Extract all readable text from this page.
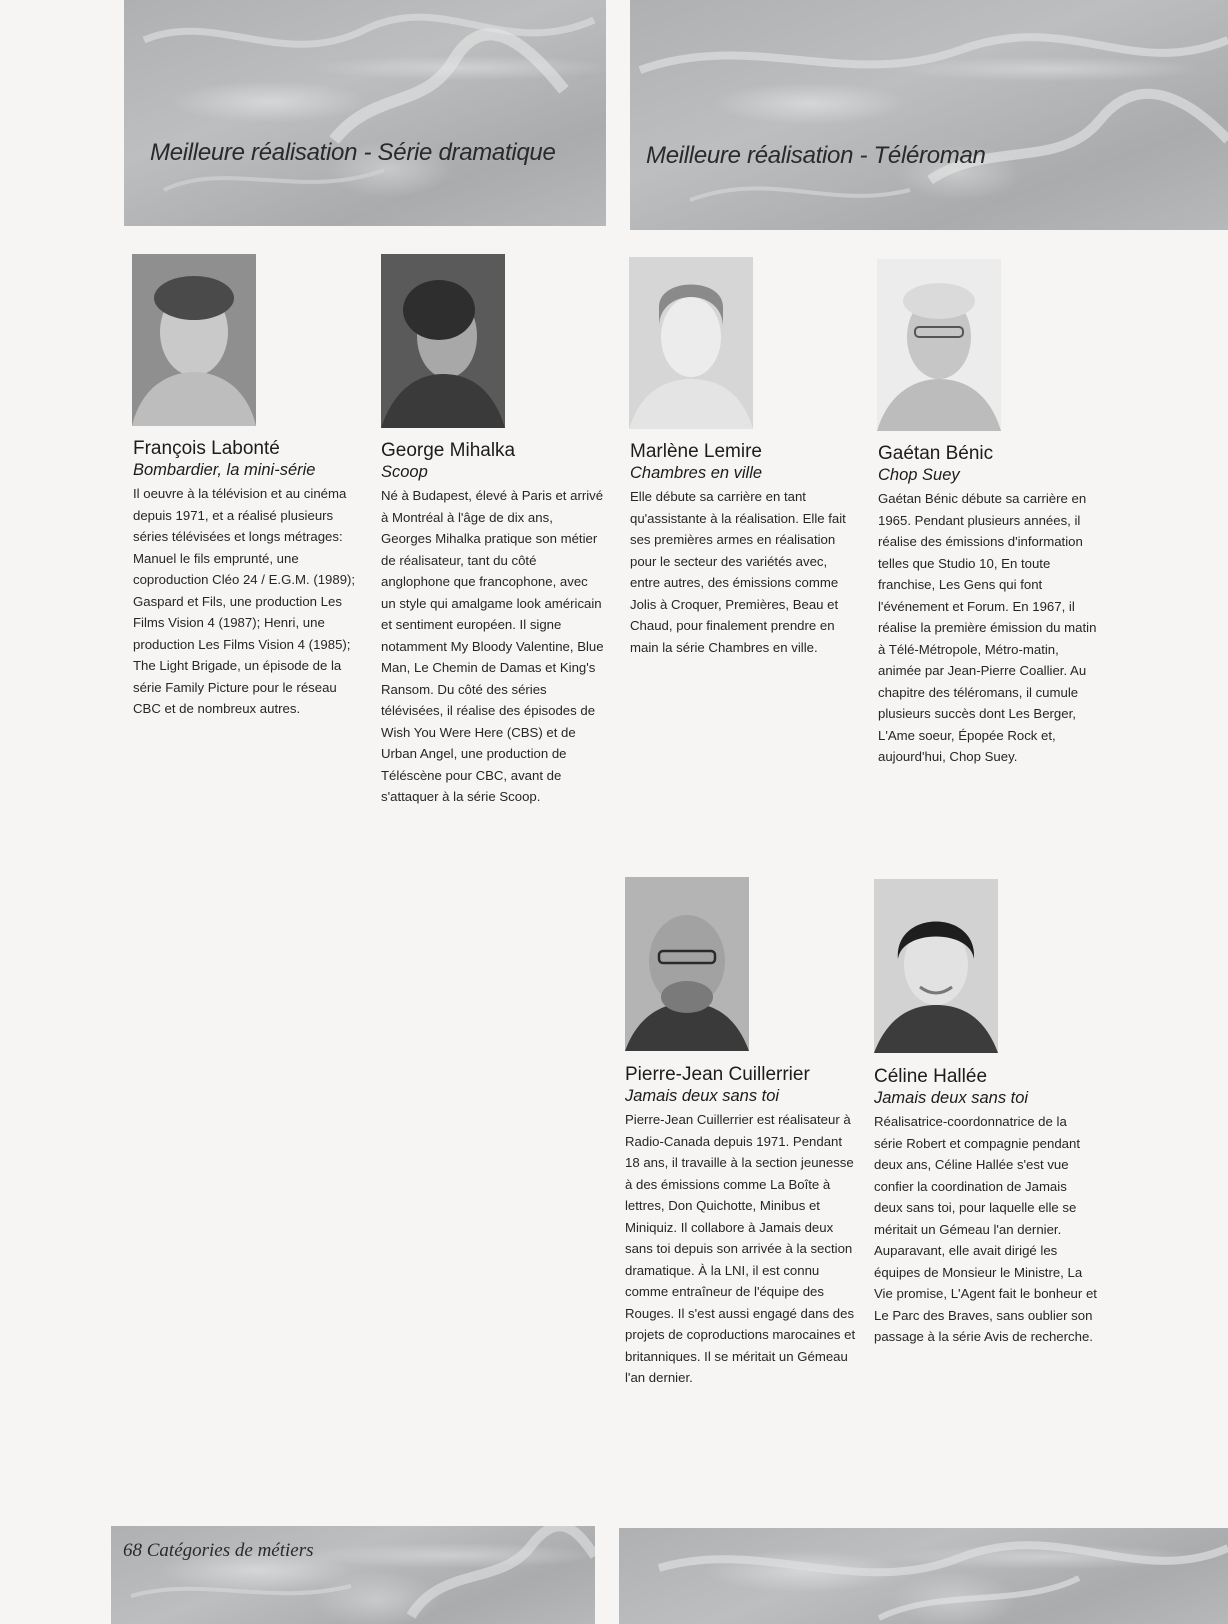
Meilleure réalisation - Série dramatique	Meilleure réalisation - Téléroman
François Labonté
Bombardier, la mini-série
Il oeuvre à la télévision et au cinéma depuis 1971, et a réalisé plusieurs séries télévisées et longs métrages: Manuel le fils emprunté, une coproduction Cléo 24 / E.G.M. (1989); Gaspard et Fils, une production Les Films Vision 4 (1987); Henri, une production Les Films Vision 4 (1985); The Light Brigade, un épisode de la série Family Picture pour le réseau CBC et de nombreux autres.
George Mihalka
Scoop
Né à Budapest, élevé à Paris et arrivé à Montréal à l'âge de dix ans, Georges Mihalka pratique son métier de réalisateur, tant du côté anglophone que francophone, avec un style qui amalgame look américain et sentiment européen. Il signe notamment My Bloody Valentine, Blue Man, Le Chemin de Damas et King's Ransom. Du côté des séries télévisées, il réalise des épisodes de Wish You Were Here (CBS) et de Urban Angel, une production de Téléscène pour CBC, avant de s'attaquer à la série Scoop.
Marlène Lemire
Chambres en ville
Elle débute sa carrière en tant qu'assistante à la réalisation. Elle fait ses premières armes en réalisation pour le secteur des variétés avec, entre autres, des émissions comme Jolis à Croquer, Premières, Beau et Chaud, pour finalement prendre en main la série Chambres en ville.
Gaétan Bénic
Chop Suey
Gaétan Bénic débute sa carrière en 1965. Pendant plusieurs années, il réalise des émissions d'information telles que Studio 10, En toute franchise, Les Gens qui font l'événement et Forum. En 1967, il réalise la première émission du matin à Télé-Métropole, Métro-matin, animée par Jean-Pierre Coallier. Au chapitre des téléromans, il cumule plusieurs succès dont Les Berger, L'Ame soeur, Épopée Rock et, aujourd'hui, Chop Suey.
Pierre-Jean Cuillerrier
Jamais deux sans toi
Pierre-Jean Cuillerrier est réalisateur à Radio-Canada depuis 1971. Pendant 18 ans, il travaille à la section jeunesse à des émissions comme La Boîte à lettres, Don Quichotte, Minibus et Miniquiz. Il collabore à Jamais deux sans toi depuis son arrivée à la section dramatique. À la LNI, il est connu comme entraîneur de l'équipe des Rouges. Il s'est aussi engagé dans des projets de coproductions marocaines et britanniques. Il se méritait un Gémeau l'an dernier.
Céline Hallée
Jamais deux sans toi
Réalisatrice-coordonnatrice de la série Robert et compagnie pendant deux ans, Céline Hallée s'est vue confier la coordination de Jamais deux sans toi, pour laquelle elle se méritait un Gémeau l'an dernier. Auparavant, elle avait dirigé les équipes de Monsieur le Ministre, La Vie promise, L'Agent fait le bonheur et Le Parc des Braves, sans oublier son passage à la série Avis de recherche.
68 Catégories de métiers
